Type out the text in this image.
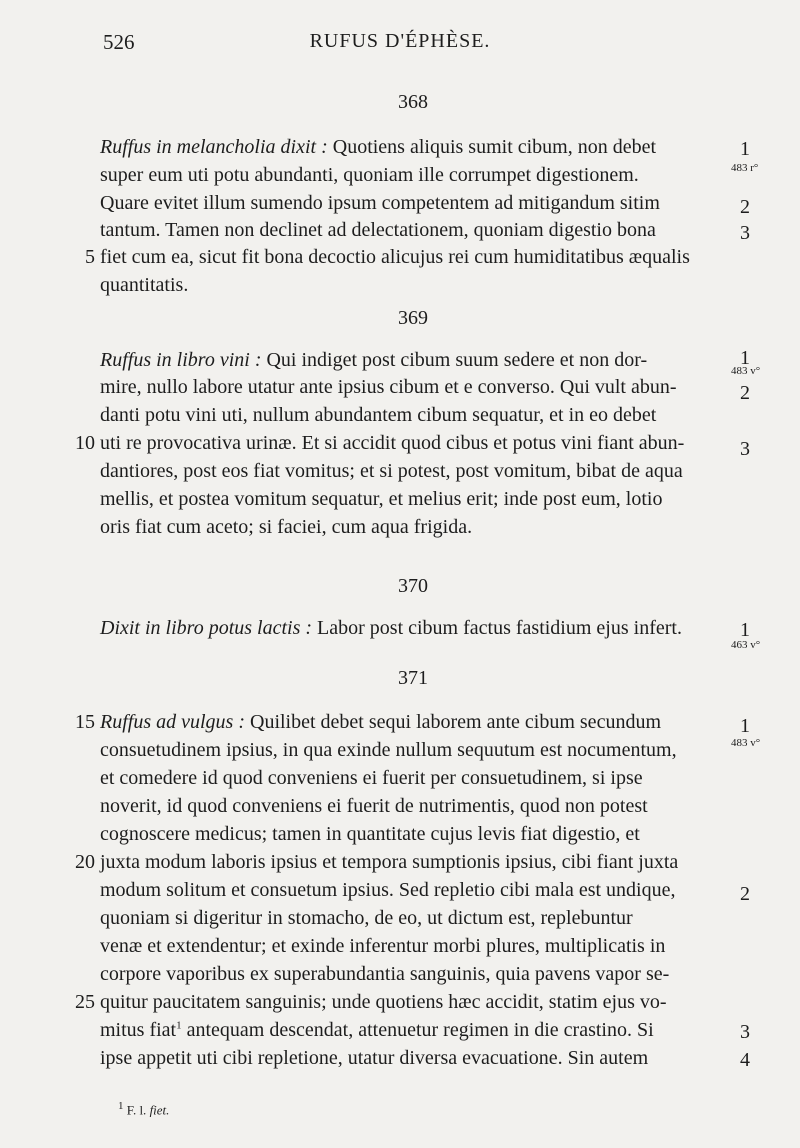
526	RUFUS D'ÉPHÈSE.
368
Ruffus in melancholia dixit : Quotiens aliquis sumit cibum, non debet
super eum uti potu abundanti, quoniam ille corrumpet digestionem.
Quare evitet illum sumendo ipsum competentem ad mitigandum sitim
tantum. Tamen non declinet ad delectationem, quoniam digestio bona
fiet cum ea, sicut fit bona decoctio alicujus rei cum humiditatibus æqualis
quantitatis.
5
1
483 r°
2
3
369
Ruffus in libro vini : Qui indiget post cibum suum sedere et non dor-
mire, nullo labore utatur ante ipsius cibum et e converso. Qui vult abun-
danti potu vini uti, nullum abundantem cibum sequatur, et in eo debet
uti re provocativa urinæ. Et si accidit quod cibus et potus vini fiant abun-
dantiores, post eos fiat vomitus; et si potest, post vomitum, bibat de aqua
mellis, et postea vomitum sequatur, et melius erit; inde post eum, lotio
oris fiat cum aceto; si faciei, cum aqua frigida.
10
1
483 v°
2
3
370
Dixit in libro potus lactis : Labor post cibum factus fastidium ejus infert.	1
463 v°
371
Ruffus ad vulgus : Quilibet debet sequi laborem ante cibum secundum
consuetudinem ipsius, in qua exinde nullum sequutum est nocumentum,
et comedere id quod conveniens ei fuerit per consuetudinem, si ipse
noverit, id quod conveniens ei fuerit de nutrimentis, quod non potest
cognoscere medicus; tamen in quantitate cujus levis fiat digestio, et
juxta modum laboris ipsius et tempora sumptionis ipsius, cibi fiant juxta
modum solitum et consuetum ipsius. Sed repletio cibi mala est undique,
quoniam si digeritur in stomacho, de eo, ut dictum est, replebuntur
venæ et extendentur; et exinde inferentur morbi plures, multiplicatis in
corpore vaporibus ex superabundantia sanguinis, quia pavens vapor se-
quitur paucitatem sanguinis; unde quotiens hæc accidit, statim ejus vo-
mitus fiat$^1$ antequam descendat, attenuetur regimen in die crastino. Si
ipse appetit uti cibi repletione, utatur diversa evacuatione. Sin autem
15
20
25
1
483 v°
2
3
4
$^1$ F. l. fiet.
